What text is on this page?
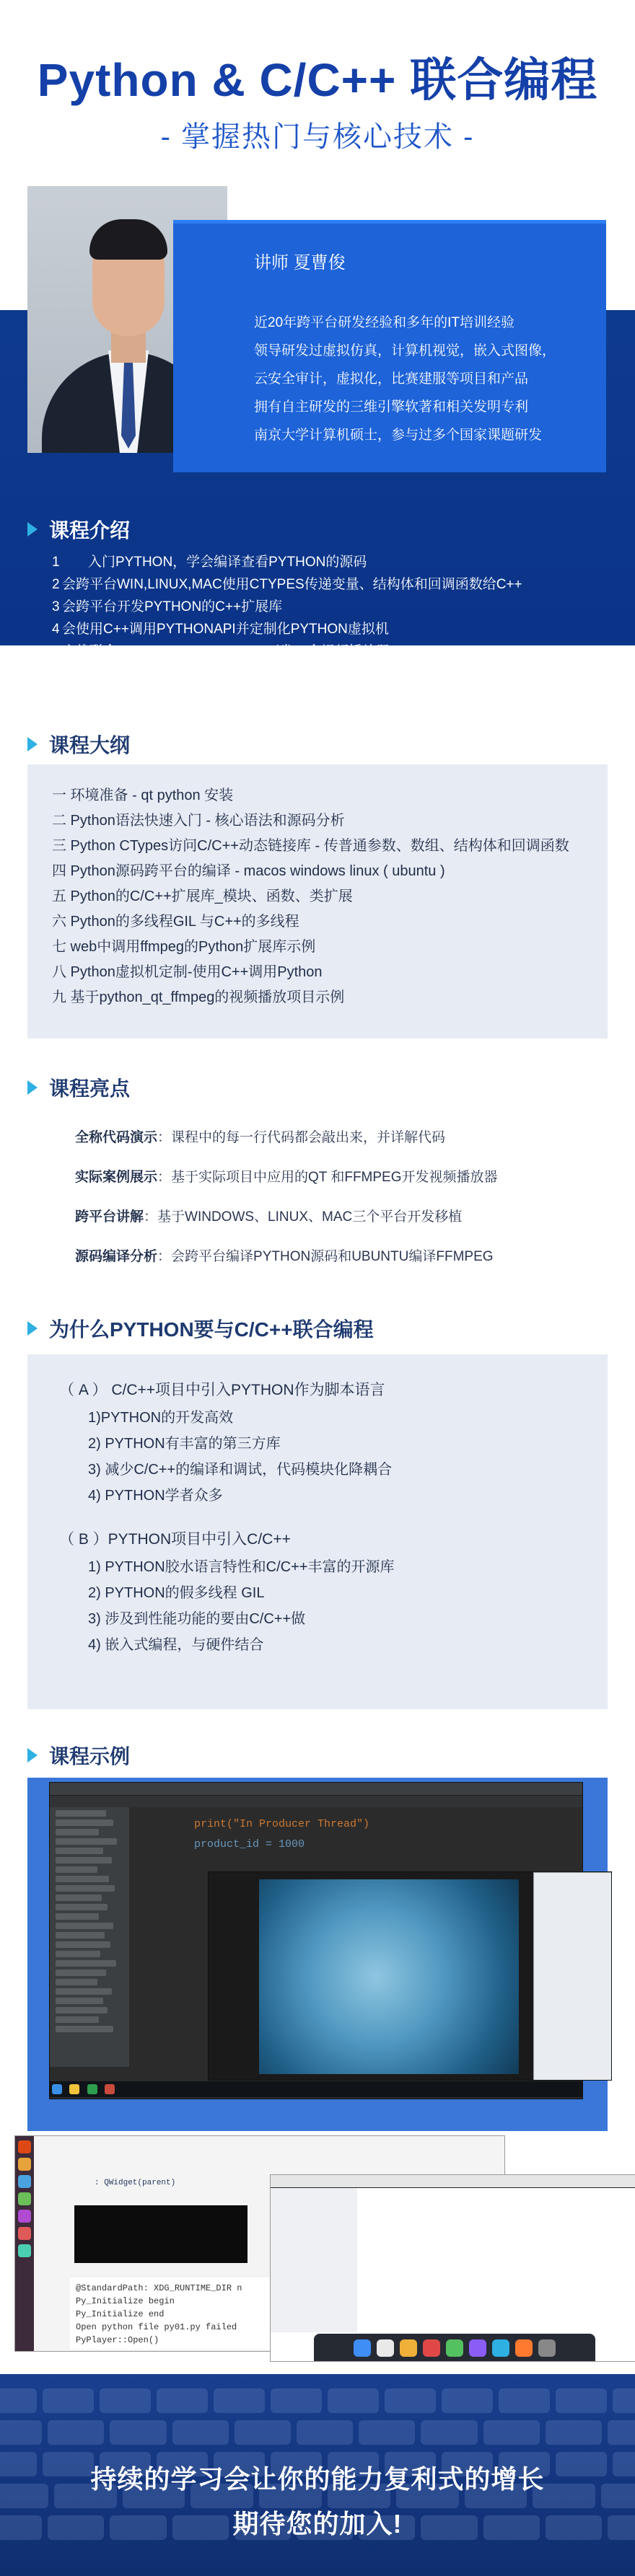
Python & C/C++ 联合编程
- 掌握热门与核心技术 -
讲师 夏曹俊
近20年跨平台研发经验和多年的IT培训经验
领导研发过虚拟仿真，计算机视觉，嵌入式图像，
云安全审计，虚拟化，比赛建服等项目和产品
拥有自主研发的三维引擎软著和相关发明专利
南京大学计算机硕士，参与过多个国家课题研发
课程介绍
1 入门PYTHON，学会编译查看PYTHON的源码
2 会跨平台WIN,LINUX,MAC使用CTYPES传递变量、结构体和回调函数给C++
3 会跨平台开发PYTHON的C++扩展库
4 会使用C++调用PYTHONAPI并定制化PYTHON虚拟机
5 实战联合QT+FFMPEG+PYTHON开发一个视频播放器
课程大纲
一 环境准备 - qt python 安装
二 Python语法快速入门 - 核心语法和源码分析
三 Python CTypes访问C/C++动态链接库 - 传普通参数、数组、结构体和回调函数
四 Python源码跨平台的编译 - macos windows linux ( ubuntu )
五 Python的C/C++扩展库_模块、函数、类扩展
六 Python的多线程GIL 与C++的多线程
七 web中调用ffmpeg的Python扩展库示例
八 Python虚拟机定制-使用C++调用Python
九 基于python_qt_ffmpeg的视频播放项目示例
课程亮点
全称代码演示：课程中的每一行代码都会敲出来，并详解代码
实际案例展示：基于实际项目中应用的QT 和FFMPEG开发视频播放器
跨平台讲解：基于WINDOWS、LINUX、MAC三个平台开发移植
源码编译分析：会跨平台编译PYTHON源码和UBUNTU编译FFMPEG
为什么PYTHON要与C/C++联合编程
（ A ） C/C++项目中引入PYTHON作为脚本语言
1)PYTHON的开发高效
2) PYTHON有丰富的第三方库
3) 减少C/C++的编译和调试，代码模块化降耦合
4) PYTHON学者众多
（ B ）PYTHON项目中引入C/C++
1) PYTHON胶水语言特性和C/C++丰富的开源库
2) PYTHON的假多线程 GIL
3) 涉及到性能功能的要由C/C++做
4) 嵌入式编程，与硬件结合
课程示例
print("In Producer Thread")
product_id = 1000

: QWidget(parent)
@StandardPath: XDG_RUNTIME_DIR n
Py_Initialize begin
Py_Initialize end
Open python file py01.py failed
PyPlayer::Open()
持续的学习会让你的能力复利式的增长
期待您的加入!
